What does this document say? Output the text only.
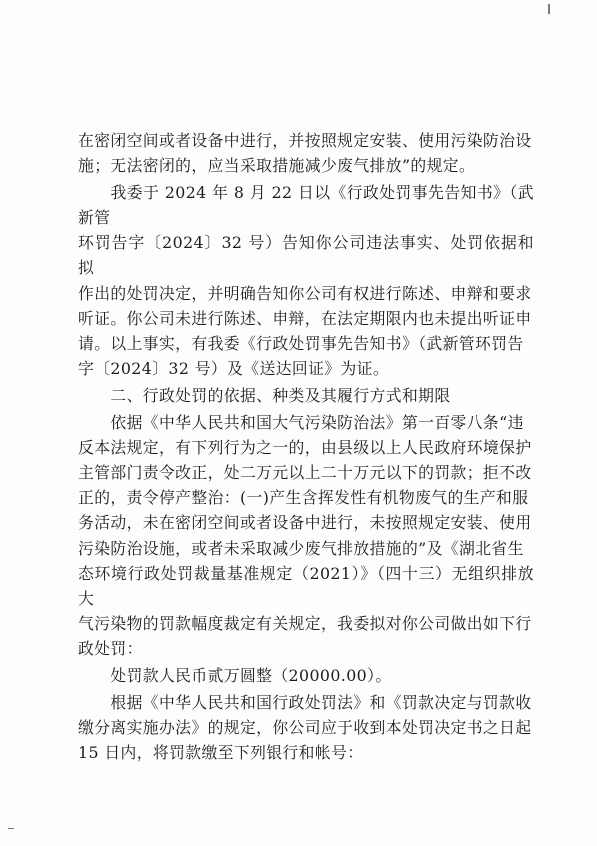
在密闭空间或者设备中进行，并按照规定安装、使用污染防治设
施；无法密闭的，应当采取措施减少废气排放”的规定。

　　我委于 2024 年 8 月 22 日以《行政处罚事先告知书》（武新管
环罚告字〔2024〕32 号）告知你公司违法事实、处罚依据和拟
作出的处罚决定，并明确告知你公司有权进行陈述、申辩和要求
听证。你公司未进行陈述、申辩，在法定期限内也未提出听证申
请。以上事实，有我委《行政处罚事先告知书》（武新管环罚告
字〔2024〕32 号）及《送达回证》为证。

　　二、行政处罚的依据、种类及其履行方式和期限

　　依据《中华人民共和国大气污染防治法》第一百零八条“违
反本法规定，有下列行为之一的，由县级以上人民政府环境保护
主管部门责令改正，处二万元以上二十万元以下的罚款；拒不改
正的，责令停产整治：(一)产生含挥发性有机物废气的生产和服
务活动，未在密闭空间或者设备中进行，未按照规定安装、使用
污染防治设施，或者未采取减少废气排放措施的”及《湖北省生
态环境行政处罚裁量基准规定（2021）》（四十三）无组织排放大
气污染物的罚款幅度裁定有关规定，我委拟对你公司做出如下行
政处罚：

　　处罚款人民币贰万圆整（20000.00）。

　　根据《中华人民共和国行政处罚法》和《罚款决定与罚款收
缴分离实施办法》的规定，你公司应于收到本处罚决定书之日起
15 日内，将罚款缴至下列银行和帐号：
